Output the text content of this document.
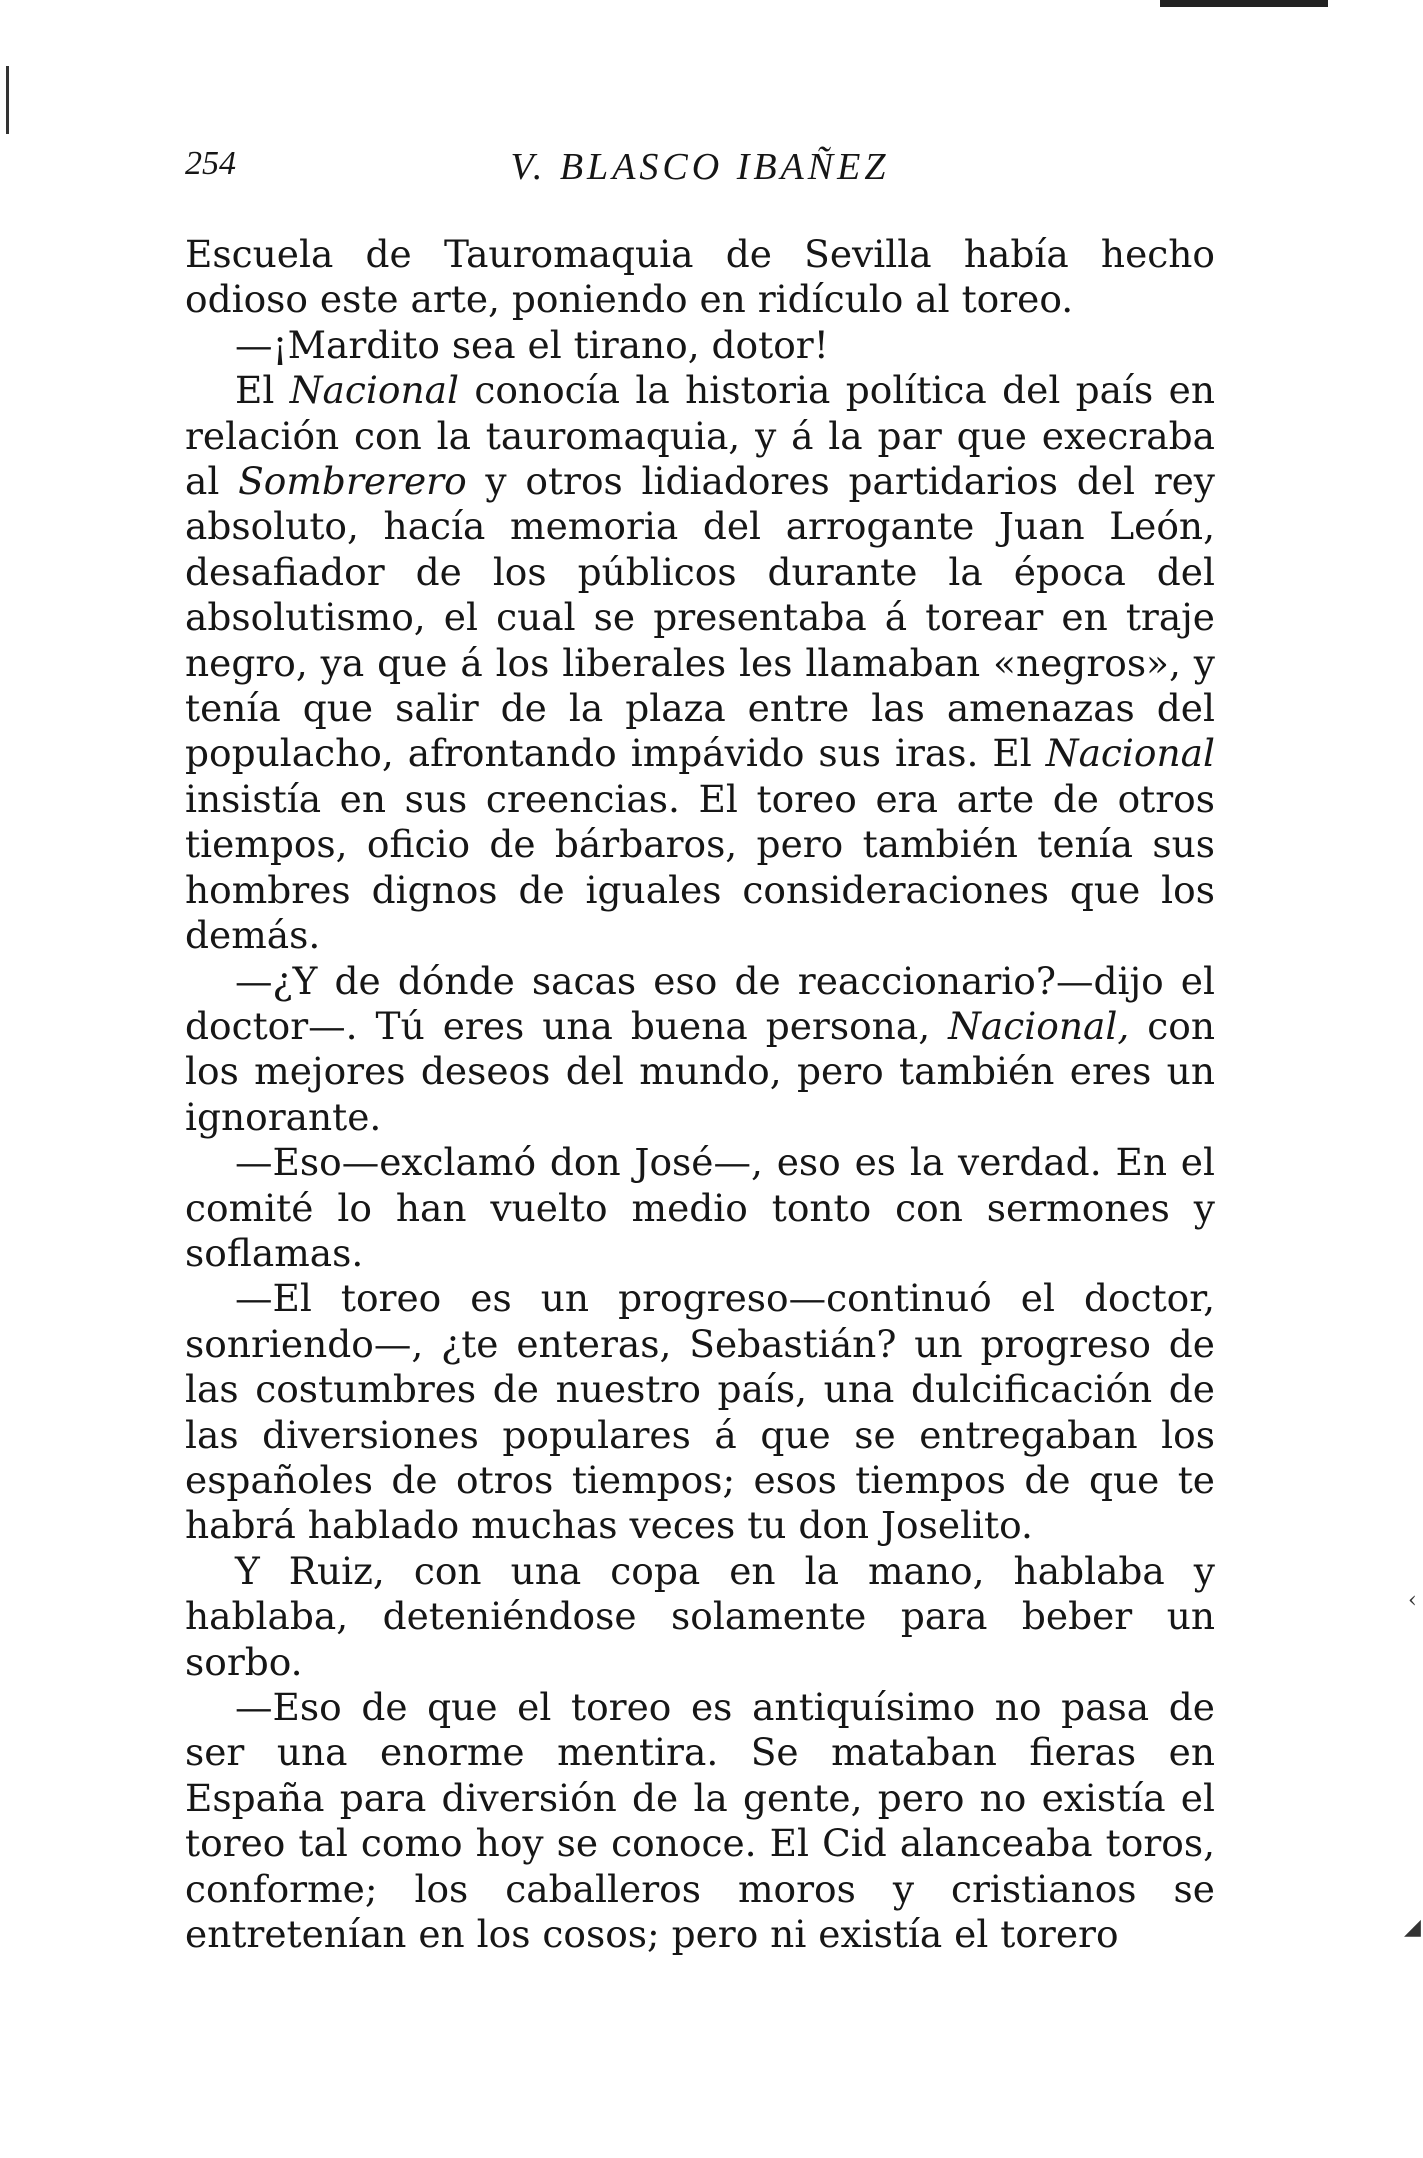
254	V. BLASCO IBAÑEZ

Escuela de Tauromaquia de Sevilla había hecho odioso este arte, poniendo en ridículo al toreo.

—¡Mardito sea el tirano, dotor!

El Nacional conocía la historia política del país en relación con la tauromaquia, y á la par que execraba al Sombrerero y otros lidiadores partidarios del rey absoluto, hacía memoria del arrogante Juan León, desafiador de los públicos durante la época del absolutismo, el cual se presentaba á torear en traje negro, ya que á los liberales les llamaban «negros», y tenía que salir de la plaza entre las amenazas del populacho, afrontando impávido sus iras. El Nacional insistía en sus creencias. El toreo era arte de otros tiempos, oficio de bárbaros, pero también tenía sus hombres dignos de iguales consideraciones que los demás.

—¿Y de dónde sacas eso de reaccionario?—dijo el doctor—. Tú eres una buena persona, Nacional, con los mejores deseos del mundo, pero también eres un ignorante.

—Eso—exclamó don José—, eso es la verdad. En el comité lo han vuelto medio tonto con sermones y soflamas.

—El toreo es un progreso—continuó el doctor, sonriendo—, ¿te enteras, Sebastián? un progreso de las costumbres de nuestro país, una dulcificación de las diversiones populares á que se entregaban los españoles de otros tiempos; esos tiempos de que te habrá hablado muchas veces tu don Joselito.

Y Ruiz, con una copa en la mano, hablaba y hablaba, deteniéndose solamente para beber un sorbo.

—Eso de que el toreo es antiquísimo no pasa de ser una enorme mentira. Se mataban fieras en España para diversión de la gente, pero no existía el toreo tal como hoy se conoce. El Cid alanceaba toros, conforme; los caballeros moros y cristianos se entretenían en los cosos; pero ni existía el torero

‹
◢
